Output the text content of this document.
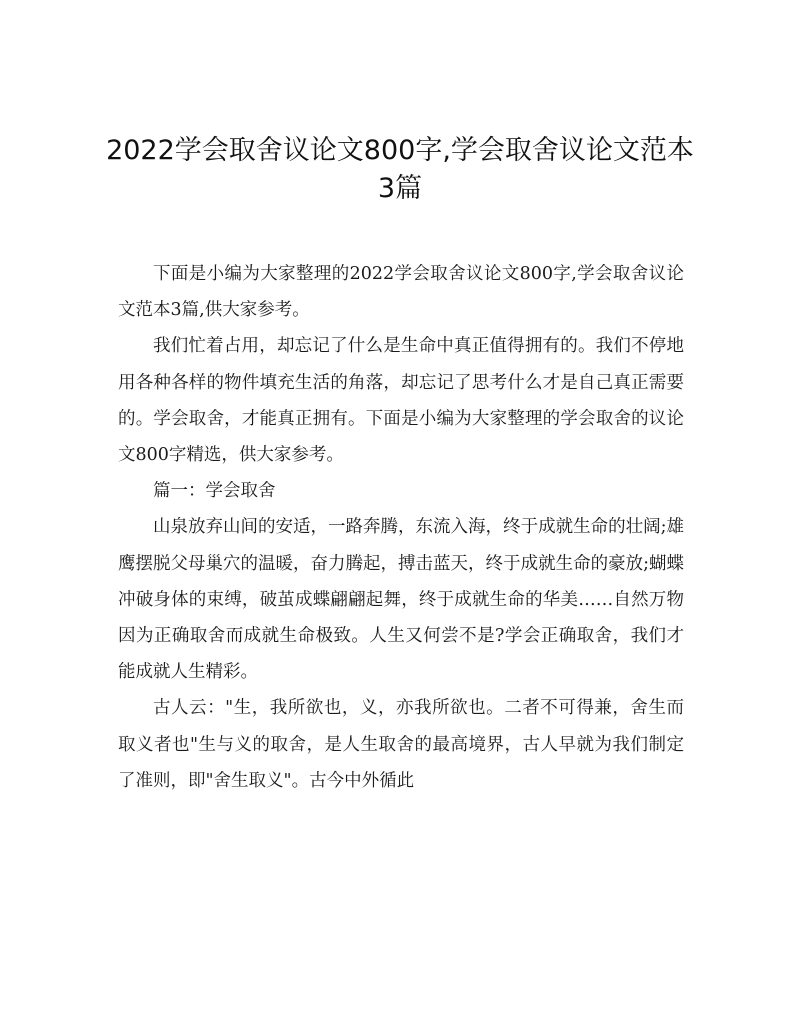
2022学会取舍议论文800字,学会取舍议论文范本3篇

下面是小编为大家整理的2022学会取舍议论文800字,学会取舍议论文范本3篇,供大家参考。

我们忙着占用，却忘记了什么是生命中真正值得拥有的。我们不停地用各种各样的物件填充生活的角落，却忘记了思考什么才是自己真正需要的。学会取舍，才能真正拥有。下面是小编为大家整理的学会取舍的议论文800字精选，供大家参考。

篇一：学会取舍

山泉放弃山间的安适，一路奔腾，东流入海，终于成就生命的壮阔;雄鹰摆脱父母巢穴的温暖，奋力腾起，搏击蓝天，终于成就生命的豪放;蝴蝶冲破身体的束缚，破茧成蝶翩翩起舞，终于成就生命的华美……自然万物因为正确取舍而成就生命极致。人生又何尝不是?学会正确取舍，我们才能成就人生精彩。

古人云："生，我所欲也，义，亦我所欲也。二者不可得兼，舍生而取义者也"生与义的取舍，是人生取舍的最高境界，古人早就为我们制定了准则，即"舍生取义"。古今中外循此
